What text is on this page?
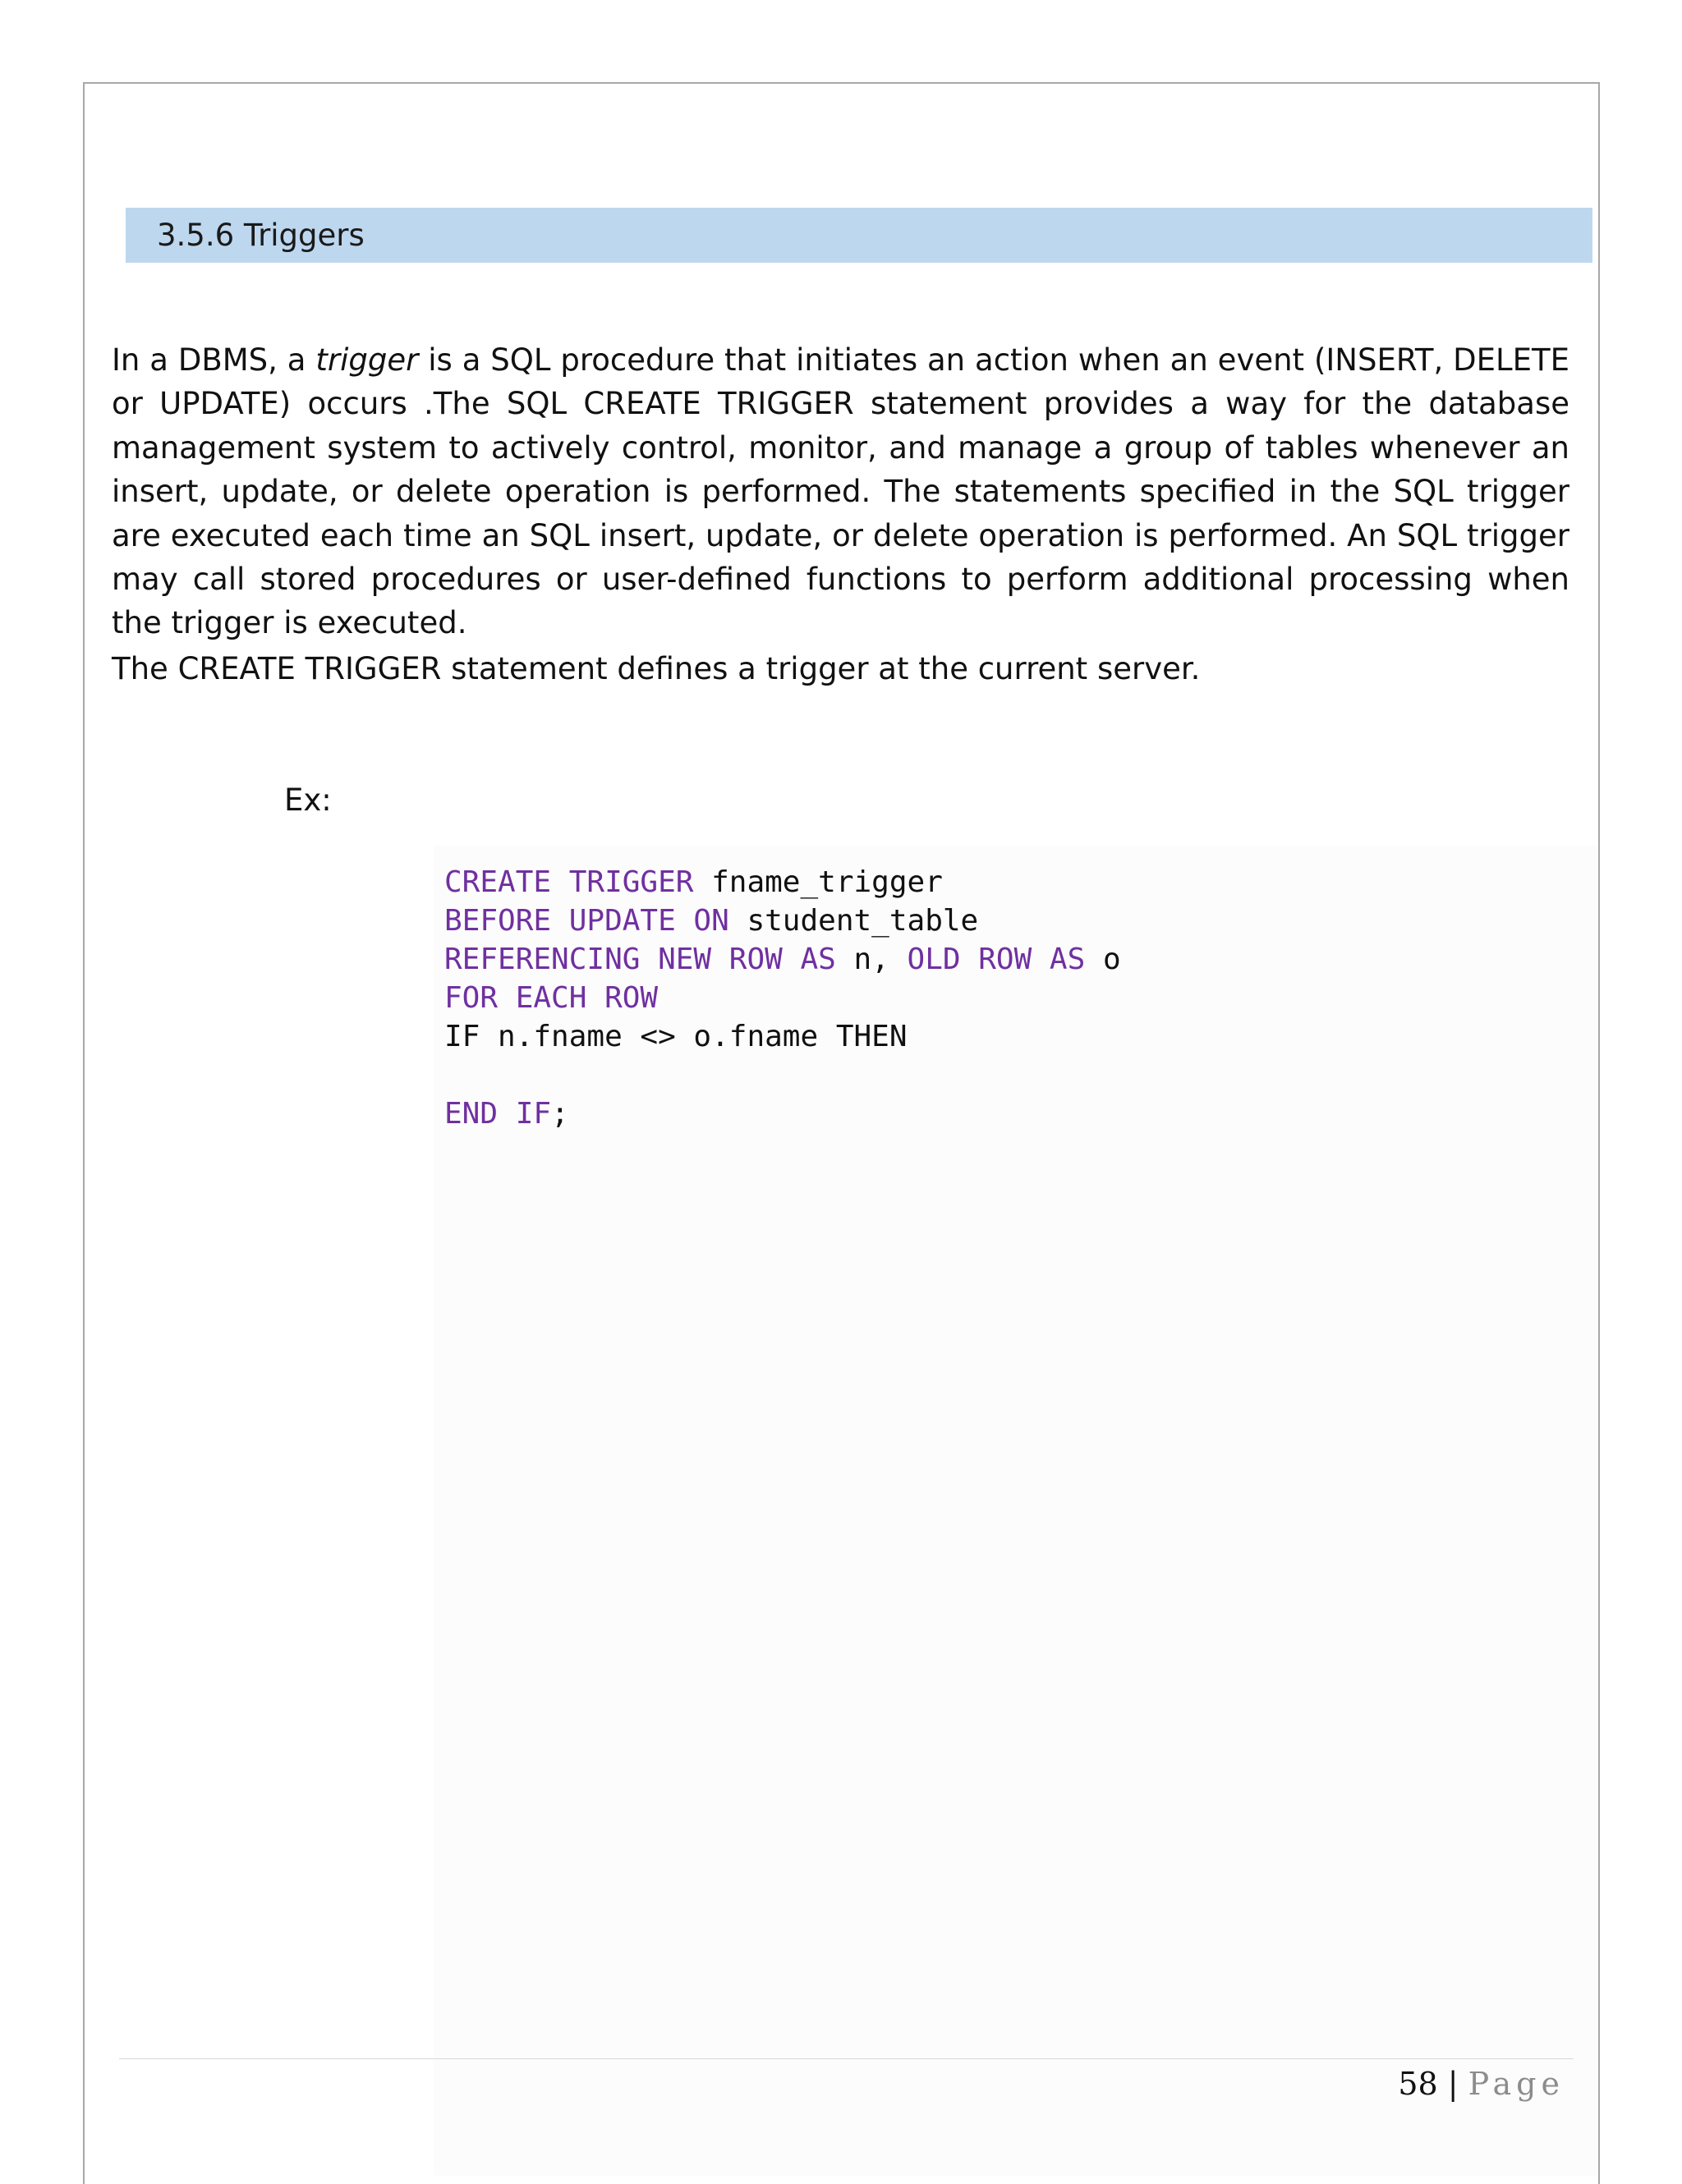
3.5.6 Triggers

In a DBMS, a trigger is a SQL procedure that initiates an action when an event (INSERT, DELETE or UPDATE) occurs .The SQL CREATE TRIGGER statement provides a way for the database management system to actively control, monitor, and manage a group of tables whenever an insert, update, or delete operation is performed. The statements specified in the SQL trigger are executed each time an SQL insert, update, or delete operation is performed. An SQL trigger may call stored procedures or user-defined functions to perform additional processing when the trigger is executed.

The CREATE TRIGGER statement defines a trigger at the current server.

Ex:
CREATE TRIGGER fname_trigger
BEFORE UPDATE ON student_table
REFERENCING NEW ROW AS n, OLD ROW AS o
FOR EACH ROW
IF n.fname <> o.fname THEN
END IF;
58 | Page
